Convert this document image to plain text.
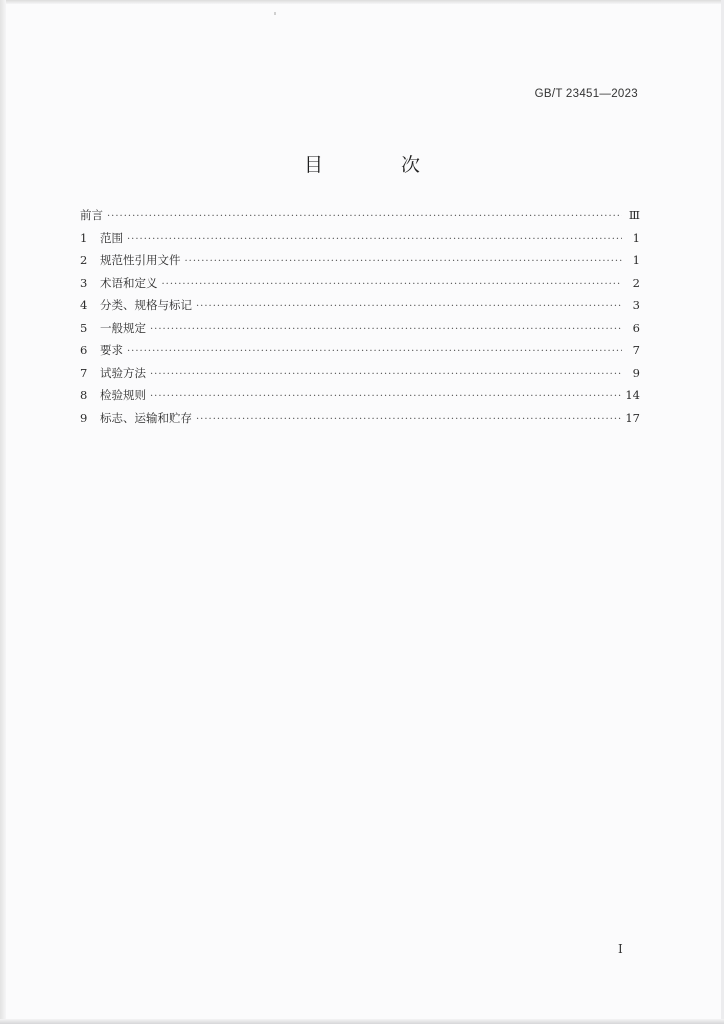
GB/T 23451—2023
目 次
前言 ·····	Ⅲ
1	范围 ·····	1
2	规范性引用文件 ·····	1
3	术语和定义 ·····	2
4	分类、规格与标记 ·····	3
5	一般规定 ·····	6
6	要求 ·····	7
7	试验方法 ·····	9
8	检验规则 ·····	14
9	标志、运输和贮存 ·····	17
I
